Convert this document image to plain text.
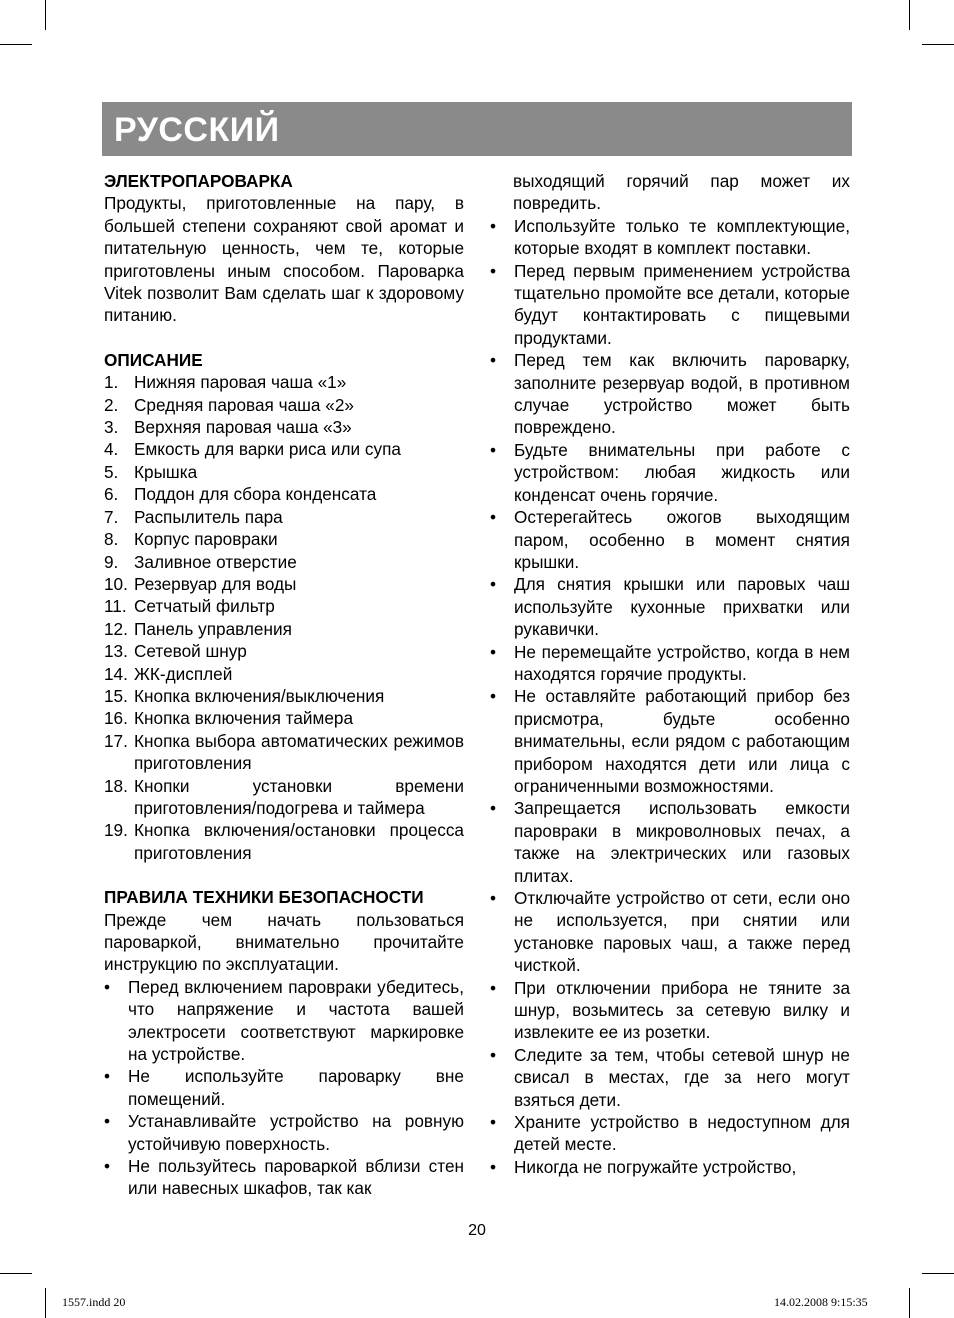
РУССКИЙ

ЭЛЕКТРОПАРОВАРКА

Продукты, приготовленные на пару, в большей степени сохраняют свой аромат и питательную ценность, чем те, которые приготовлены иным способом. Пароварка Vitek позволит Вам сделать шаг к здоровому питанию.

ОПИСАНИЕ

1. Нижняя паровая чаша «1»
2. Средняя паровая чаша «2»
3. Верхняя паровая чаша «3»
4. Емкость для варки риса или супа
5. Крышка
6. Поддон для сбора конденсата
7. Распылитель пара
8. Корпус паровраки
9. Заливное отверстие
10. Резервуар для воды
11. Сетчатый фильтр
12. Панель управления
13. Сетевой шнур
14. ЖК-дисплей
15. Кнопка включения/выключения
16. Кнопка включения таймера
17. Кнопка выбора автоматических режимов приготовления
18. Кнопки установки времени приготовления/подогрева и таймера
19. Кнопка включения/остановки процесса приготовления

ПРАВИЛА ТЕХНИКИ БЕЗОПАСНОСТИ

Прежде чем начать пользоваться пароваркой, внимательно прочитайте инструкцию по эксплуатации.

•	Перед включением паровраки убедитесь, что напряжение и частота вашей электросети соответствуют маркировке на устройстве.
•	Не используйте пароварку вне помещений.
•	Устанавливайте устройство на ровную устойчивую поверхность.
•	Не пользуйтесь пароваркой вблизи стен или навесных шкафов, так как

выходящий горячий пар может их повредить.

•	Используйте только те комплектующие, которые входят в комплект поставки.
•	Перед первым применением устройства тщательно промойте все детали, которые будут контактировать с пищевыми продуктами.
•	Перед тем как включить пароварку, заполните резервуар водой, в противном случае устройство может быть повреждено.
•	Будьте внимательны при работе с устройством: любая жидкость или конденсат очень горячие.
•	Остерегайтесь ожогов выходящим паром, особенно в момент снятия крышки.
•	Для снятия крышки или паровых чаш используйте кухонные прихватки или рукавички.
•	Не перемещайте устройство, когда в нем находятся горячие продукты.
•	Не оставляйте работающий прибор без присмотра, будьте особенно внимательны, если рядом с работающим прибором находятся дети или лица с ограниченными возможностями.
•	Запрещается использовать емкости паровраки в микроволновых печах, а также на электрических или газовых плитах.
•	Отключайте устройство от сети, если оно не используется, при снятии или установке паровых чаш, а также перед чисткой.
•	При отключении прибора не тяните за шнур, возьмитесь за сетевую вилку и извлеките ее из розетки.
•	Следите за тем, чтобы сетевой шнур не свисал в местах, где за него могут взяться дети.
•	Храните устройство в недоступном для детей месте.
•	Никогда не погружайте устройство,
20
1557.indd 20	14.02.2008 9:15:35
